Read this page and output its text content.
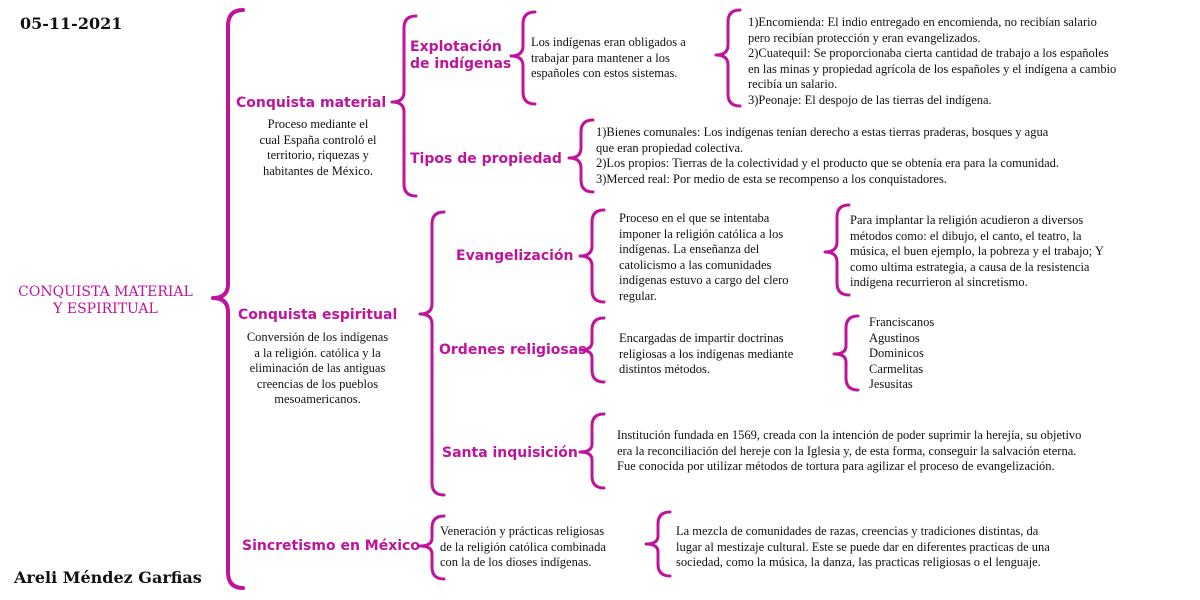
05-11-2021
Areli Méndez Garfias
CONQUISTA MATERIAL
Y ESPIRITUAL
Conquista material
Proceso mediante el
cual España controló el
territorio, riquezas y
habitantes de México.
Explotación
de indígenas
Los indígenas eran obligados a
trabajar para mantener a los
españoles con estos sistemas.
1)Encomienda: El indio entregado en encomienda, no recibían salario
pero recibían protección y eran evangelizados.
2)Cuatequil: Se proporcionaba cierta cantidad de trabajo a los españoles
en las minas y propiedad agrícola de los españoles y el indígena a cambio
recibía un salario.
3)Peonaje: El despojo de las tierras del indígena.
Tipos de propiedad
1)Bienes comunales: Los indígenas tenían derecho a estas tierras praderas, bosques y agua
que eran propiedad colectiva.
2)Los propios: Tierras de la colectividad y el producto que se obtenía era para la comunidad.
3)Merced real: Por medio de esta se recompenso a los conquistadores.
Conquista espiritual
Conversión de los indígenas
a la religión. católica y la
eliminación de las antiguas
creencias de los pueblos
mesoamericanos.
Evangelización
Proceso en el que se intentaba
imponer la religión católica a los
indígenas. La enseñanza del
catolicismo a las comunidades
indígenas estuvo a cargo del clero
regular.
Para implantar la religión acudieron a diversos
métodos como: el dibujo, el canto, el teatro, la
música, el buen ejemplo, la pobreza y el trabajo; Y
como ultima estrategia, a causa de la resistencia
indígena recurrieron al sincretismo.
Ordenes religiosas
Encargadas de impartir doctrinas
religiosas a los indígenas mediante
distintos métodos.
Franciscanos
Agustinos
Dominicos
Carmelitas
Jesusitas
Santa inquisición
Institución fundada en 1569, creada con la intención de poder suprimir la herejía, su objetivo
era la reconciliación del hereje con la Iglesia y, de esta forma, conseguir la salvación eterna.
Fue conocida por utilizar métodos de tortura para agilizar el proceso de evangelización.
Sincretismo en México
Veneración y prácticas religiosas
de la religión católica combinada
con la de los dioses indígenas.
La mezcla de comunidades de razas, creencias y tradiciones distintas, da
lugar al mestizaje cultural. Este se puede dar en diferentes practicas de una
sociedad, como la música, la danza, las practicas religiosas o el lenguaje.
